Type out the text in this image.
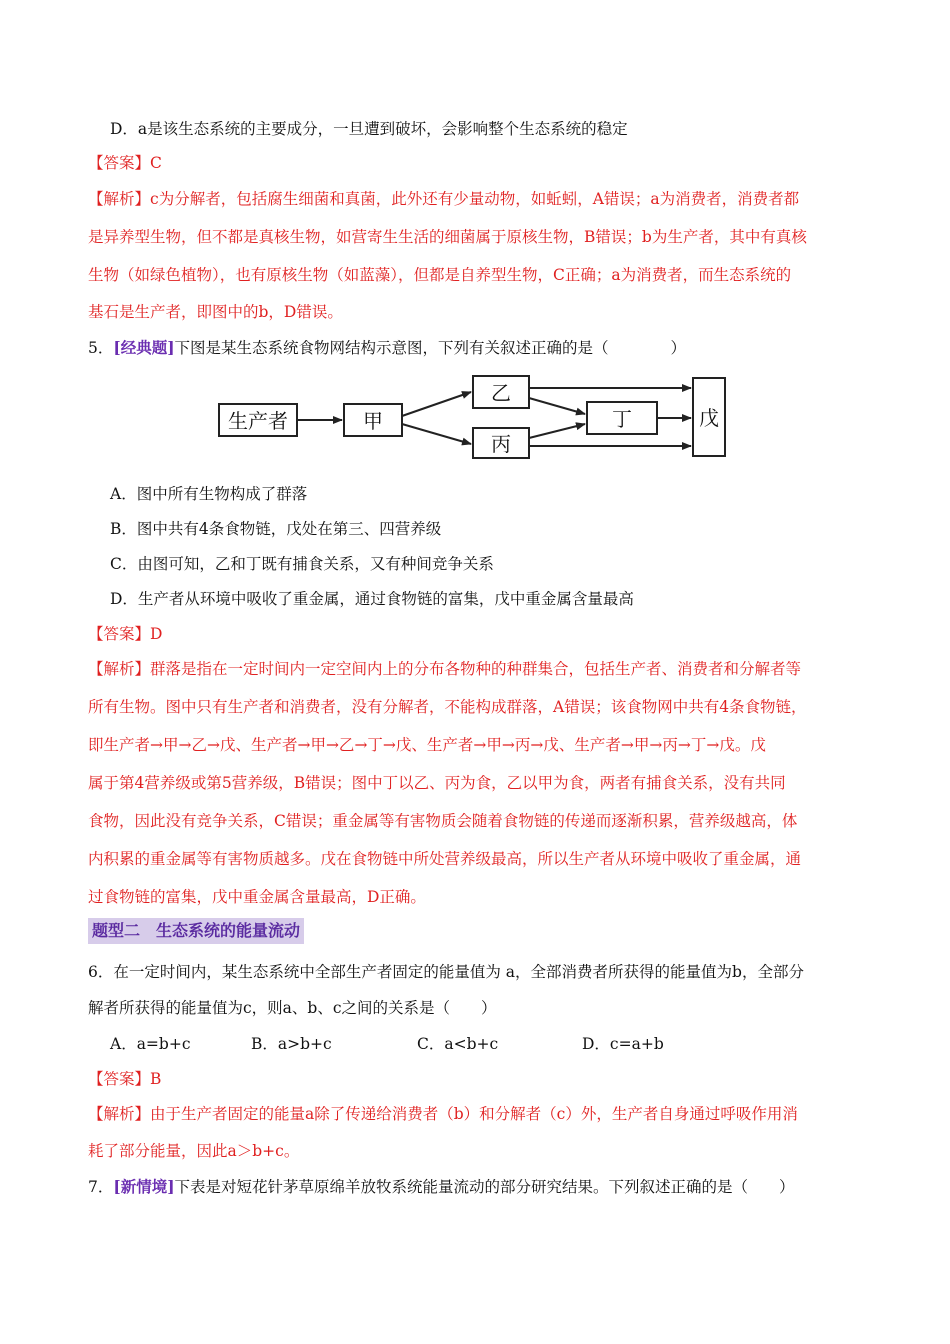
D．a是该生态系统的主要成分，一旦遭到破坏，会影响整个生态系统的稳定
【答案】C
【解析】c为分解者，包括腐生细菌和真菌，此外还有少量动物，如蚯蚓，A错误；a为消费者，消费者都
是异养型生物，但不都是真核生物，如营寄生生活的细菌属于原核生物，B错误；b为生产者，其中有真核
生物（如绿色植物），也有原核生物（如蓝藻），但都是自养型生物，C正确；a为消费者，而生态系统的
基石是生产者，即图中的b，D错误。
5．[经典题]下图是某生态系统食物网结构示意图，下列有关叙述正确的是（　　　　）
生产者	甲
乙
丙
丁	戊
A．图中所有生物构成了群落
B．图中共有4条食物链，戊处在第三、四营养级
C．由图可知，乙和丁既有捕食关系，又有种间竞争关系
D．生产者从环境中吸收了重金属，通过食物链的富集，戊中重金属含量最高
【答案】D
【解析】群落是指在一定时间内一定空间内上的分布各物种的种群集合，包括生产者、消费者和分解者等
所有生物。图中只有生产者和消费者，没有分解者，不能构成群落，A错误；该食物网中共有4条食物链，
即生产者→甲→乙→戊、生产者→甲→乙→丁→戊、生产者→甲→丙→戊、生产者→甲→丙→丁→戊。戊
属于第4营养级或第5营养级，B错误；图中丁以乙、丙为食，乙以甲为食，两者有捕食关系，没有共同
食物，因此没有竞争关系，C错误；重金属等有害物质会随着食物链的传递而逐渐积累，营养级越高，体
内积累的重金属等有害物质越多。戊在食物链中所处营养级最高，所以生产者从环境中吸收了重金属，通
过食物链的富集，戊中重金属含量最高，D正确。
题型二　生态系统的能量流动
6．在一定时间内，某生态系统中全部生产者固定的能量值为 a，全部消费者所获得的能量值为b，全部分
解者所获得的能量值为c，则a、b、c之间的关系是（　　）
A．a=b+c	B．a>b+c	C．a<b+c	D．c=a+b
【答案】B
【解析】由于生产者固定的能量a除了传递给消费者（b）和分解者（c）外，生产者自身通过呼吸作用消
耗了部分能量，因此a＞b+c。
7．[新情境]下表是对短花针茅草原绵羊放牧系统能量流动的部分研究结果。下列叙述正确的是（　　）
